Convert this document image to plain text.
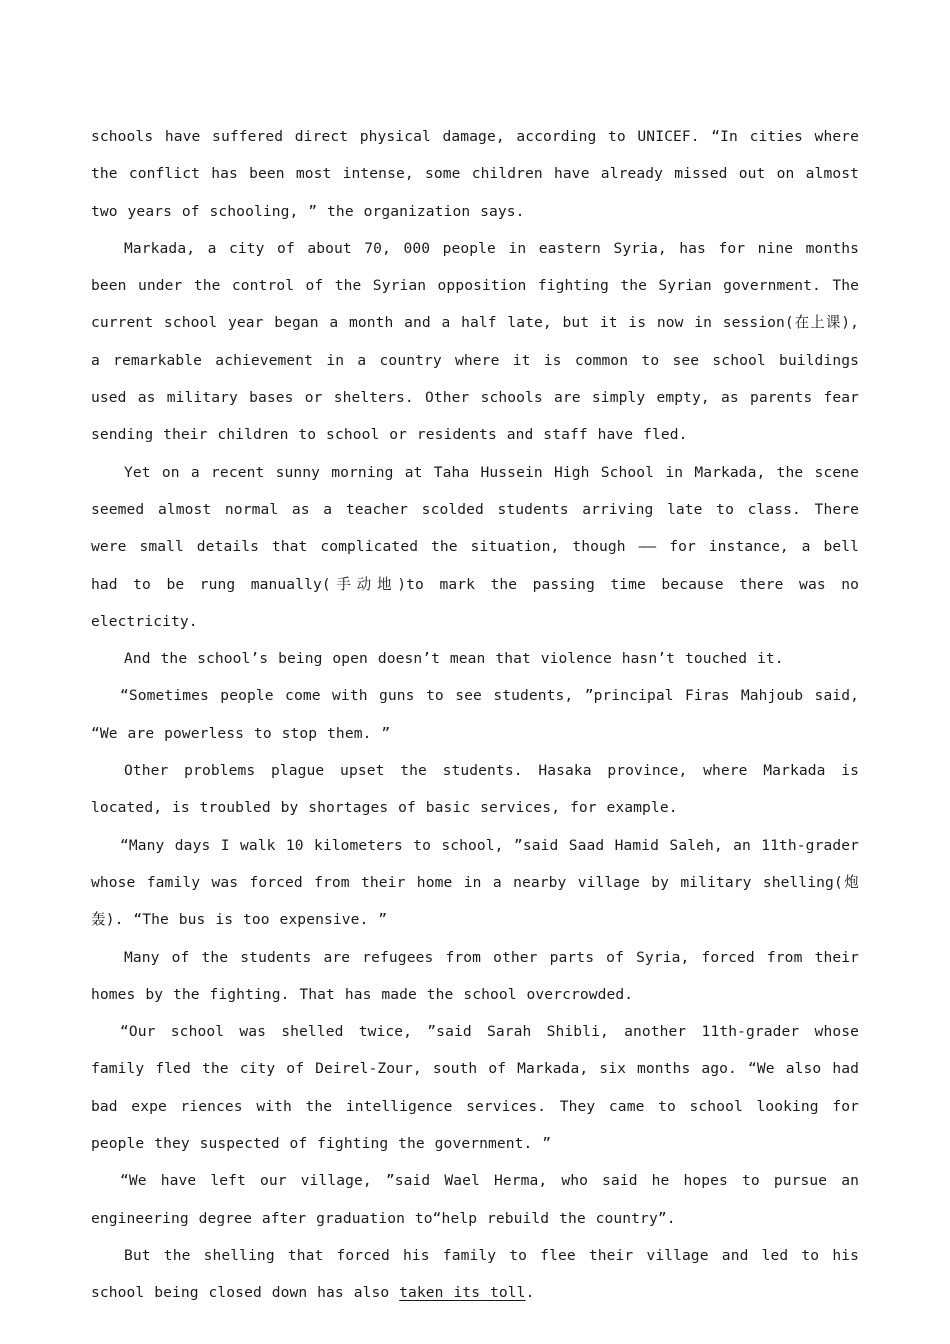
schools have suffered direct physical damage, according to UNICEF. “In cities where the conflict has been most intense, some children have already missed out on almost two years of schooling, ” the organization says.

Markada, a city of about 70, 000 people in eastern Syria, has for nine months been under the control of the Syrian opposition fighting the Syrian government. The current school year began a month and a half late, but it is now in session(在上课), a remarkable achievement in a country where it is common to see school buildings used as military bases or shelters. Other schools are simply empty, as parents fear sending their children to school or residents and staff have fled.

Yet on a recent sunny morning at Taha Hussein High School in Markada, the scene seemed almost normal as a teacher scolded students arriving late to class. There were small details that complicated the situation, though —— for instance, a bell had to be rung manually(手动地)to mark the passing time because there was no electricity.

And the school’s being open doesn’t mean that violence hasn’t touched it.

“Sometimes people come with guns to see students, ”principal Firas Mahjoub said, “We are powerless to stop them. ”

Other problems plague upset the students. Hasaka province, where Markada is located, is troubled by shortages of basic services, for example.

“Many days I walk 10 kilometers to school, ”said Saad Hamid Saleh, an 11th-grader whose family was forced from their home in a nearby village by military shelling(炮轰). “The bus is too expensive. ”

Many of the students are refugees from other parts of Syria, forced from their homes by the fighting. That has made the school overcrowded.

“Our school was shelled twice, ”said Sarah Shibli, another 11th-grader whose family fled the city of Deirel-Zour, south of Markada, six months ago. “We also had bad expe riences with the intelligence services. They came to school looking for people they suspected of fighting the government. ”

“We have left our village, ”said Wael Herma, who said he hopes to pursue an engineering degree after graduation to“help rebuild the country”.

But the shelling that forced his family to flee their village and led to his school being closed down has also taken its toll.
